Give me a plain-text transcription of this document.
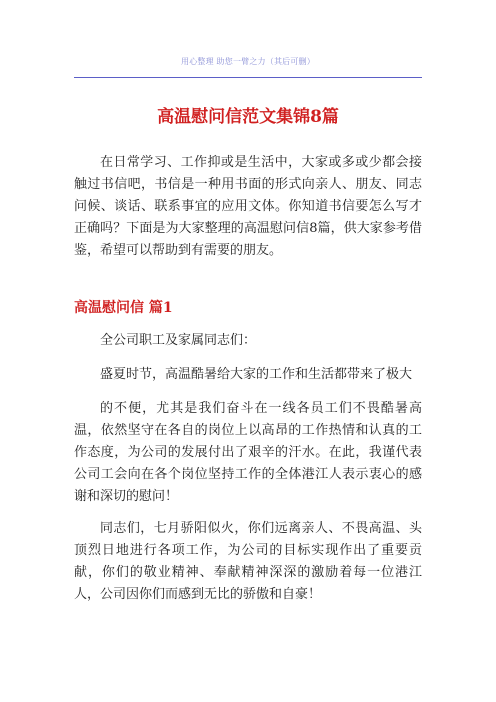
用心整理 助您一臂之力（其后可删）
高温慰问信范文集锦8篇
在日常学习、工作抑或是生活中，大家或多或少都会接触过书信吧，书信是一种用书面的形式向亲人、朋友、同志问候、谈话、联系事宜的应用文体。你知道书信要怎么写才正确吗？下面是为大家整理的高温慰问信8篇，供大家参考借鉴，希望可以帮助到有需要的朋友。
高温慰问信 篇1
全公司职工及家属同志们：
盛夏时节，高温酷暑给大家的工作和生活都带来了极大
的不便，尤其是我们奋斗在一线各员工们不畏酷暑高温，依然坚守在各自的岗位上以高昂的工作热情和认真的工作态度，为公司的发展付出了艰辛的汗水。在此，我谨代表公司工会向在各个岗位坚持工作的全体港江人表示衷心的感谢和深切的慰问！
同志们，七月骄阳似火，你们远离亲人、不畏高温、头顶烈日地进行各项工作，为公司的目标实现作出了重要贡献，你们的敬业精神、奉献精神深深的激励着每一位港江人，公司因你们而感到无比的骄傲和自豪！
